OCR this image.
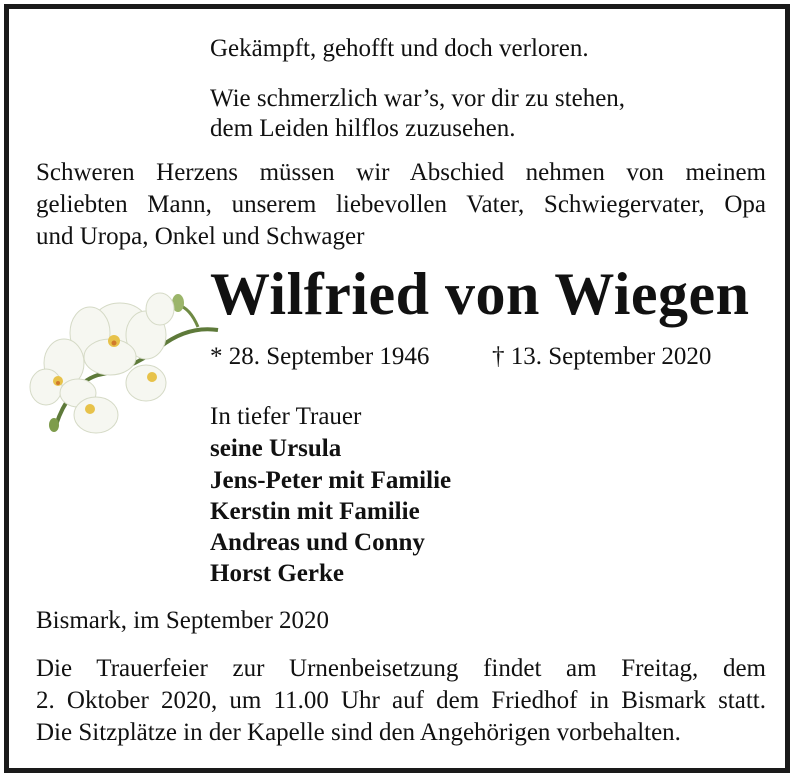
Gekämpft, gehofft und doch verloren.
Wie schmerzlich war’s, vor dir zu stehen,
dem Leiden hilflos zuzusehen.
Schweren Herzens müssen wir Abschied nehmen von meinem
geliebten Mann, unserem liebevollen Vater, Schwiegervater, Opa
und Uropa, Onkel und Schwager
Wilfried von Wiegen
* 28. September 1946	† 13. September 2020
In tiefer Trauer
seine Ursula
Jens-Peter mit Familie
Kerstin mit Familie
Andreas und Conny
Horst Gerke
Bismark, im September 2020
Die Trauerfeier zur Urnenbeisetzung findet am Freitag, dem
2. Oktober 2020, um 11.00 Uhr auf dem Friedhof in Bismark statt.
Die Sitzplätze in der Kapelle sind den Angehörigen vorbehalten.
